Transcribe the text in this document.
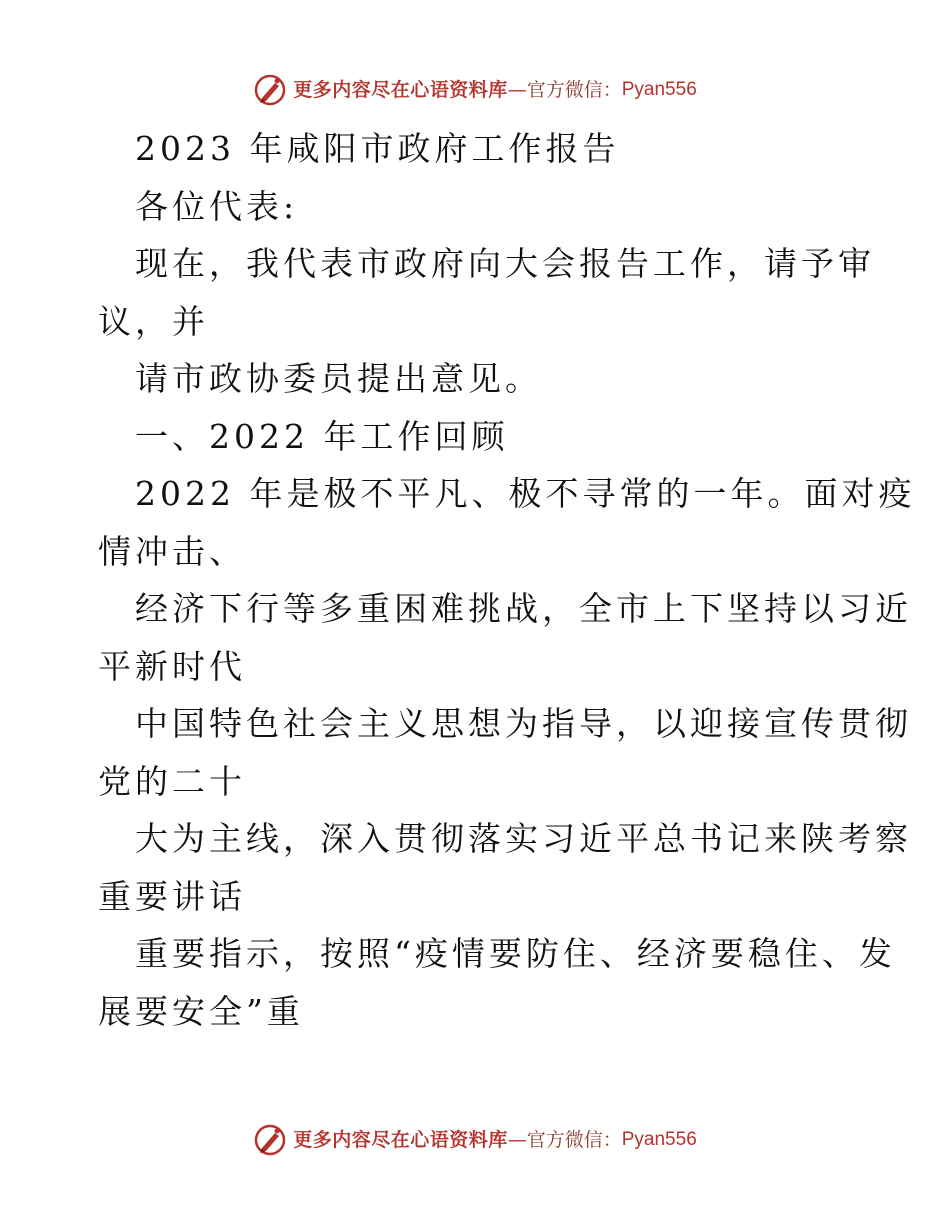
更多内容尽在心语资料库 — 官方微信： Pyan556
2023 年咸阳市政府工作报告
各位代表:
现在，我代表市政府向大会报告工作，请予审
议，并
请市政协委员提出意见。
一、2022 年工作回顾
2022 年是极不平凡、极不寻常的一年。面对疫
情冲击、
经济下行等多重困难挑战，全市上下坚持以习近
平新时代
中国特色社会主义思想为指导，以迎接宣传贯彻
党的二十
大为主线，深入贯彻落实习近平总书记来陕考察
重要讲话
重要指示，按照“疫情要防住、经济要稳住、发
展要安全”重
更多内容尽在心语资料库 — 官方微信： Pyan556
